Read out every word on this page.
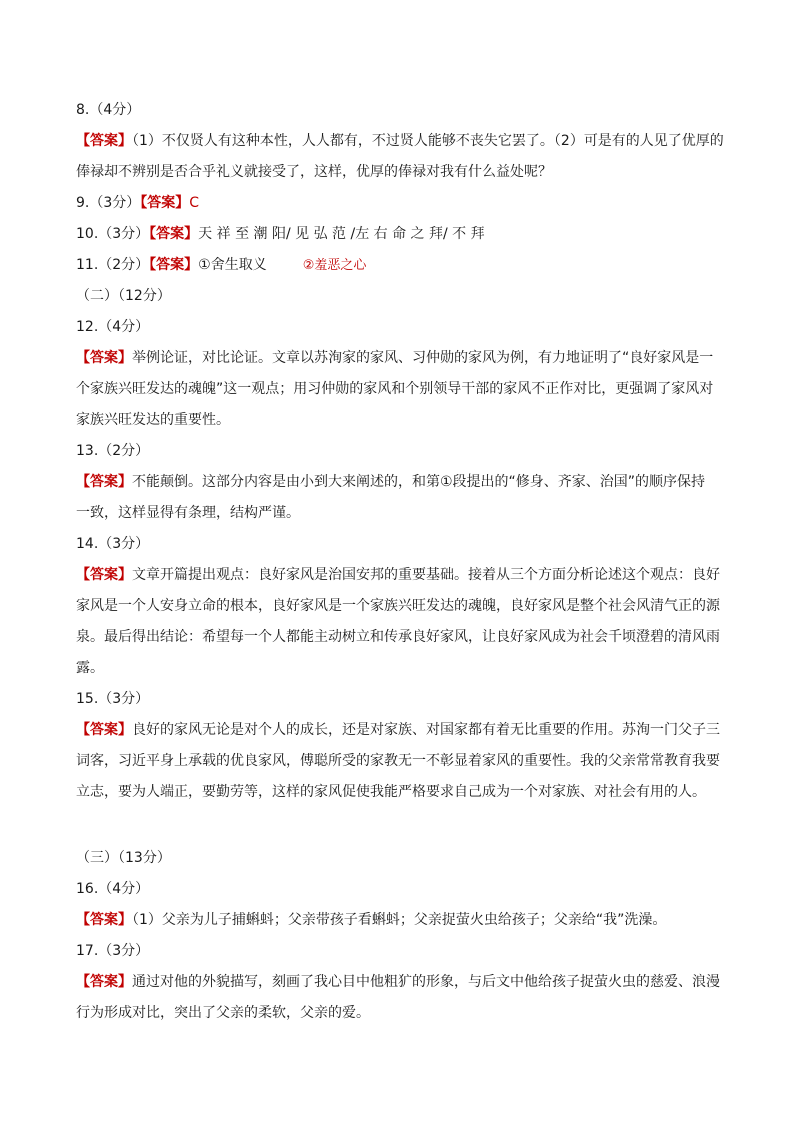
8.（4分）
【答案】（1）不仅贤人有这种本性，人人都有，不过贤人能够不丧失它罢了。（2）可是有的人见了优厚的
俸禄却不辨别是否合乎礼义就接受了，这样，优厚的俸禄对我有什么益处呢？
9.（3分）【答案】C
10.（3分）【答案】天 祥 至 潮 阳/ 见 弘 范 /左 右 命 之 拜/ 不 拜
11.（2分）【答案】①舍生取义	②羞恶之心
（二）（12分）
12.（4分）
【答案】举例论证，对比论证。文章以苏洵家的家风、习仲勋的家风为例，有力地证明了“良好家风是一
个家族兴旺发达的魂魄”这一观点；用习仲勋的家风和个别领导干部的家风不正作对比，更强调了家风对
家族兴旺发达的重要性。
13.（2分）
【答案】不能颠倒。这部分内容是由小到大来阐述的，和第①段提出的“修身、齐家、治国”的顺序保持
一致，这样显得有条理，结构严谨。
14.（3分）
【答案】文章开篇提出观点：良好家风是治国安邦的重要基础。接着从三个方面分析论述这个观点：良好
家风是一个人安身立命的根本，良好家风是一个家族兴旺发达的魂魄，良好家风是整个社会风清气正的源
泉。最后得出结论：希望每一个人都能主动树立和传承良好家风，让良好家风成为社会千顷澄碧的清风雨
露。
15.（3分）
【答案】良好的家风无论是对个人的成长，还是对家族、对国家都有着无比重要的作用。苏洵一门父子三
词客，习近平身上承载的优良家风，傅聪所受的家教无一不彰显着家风的重要性。我的父亲常常教育我要
立志，要为人端正，要勤劳等，这样的家风促使我能严格要求自己成为一个对家族、对社会有用的人。
（三）（13分）
16.（4分）
【答案】（1）父亲为儿子捕蝌蚪；父亲带孩子看蝌蚪；父亲捉萤火虫给孩子；父亲给“我”洗澡。
17.（3分）
【答案】通过对他的外貌描写，刻画了我心目中他粗犷的形象，与后文中他给孩子捉萤火虫的慈爱、浪漫
行为形成对比，突出了父亲的柔软，父亲的爱。
